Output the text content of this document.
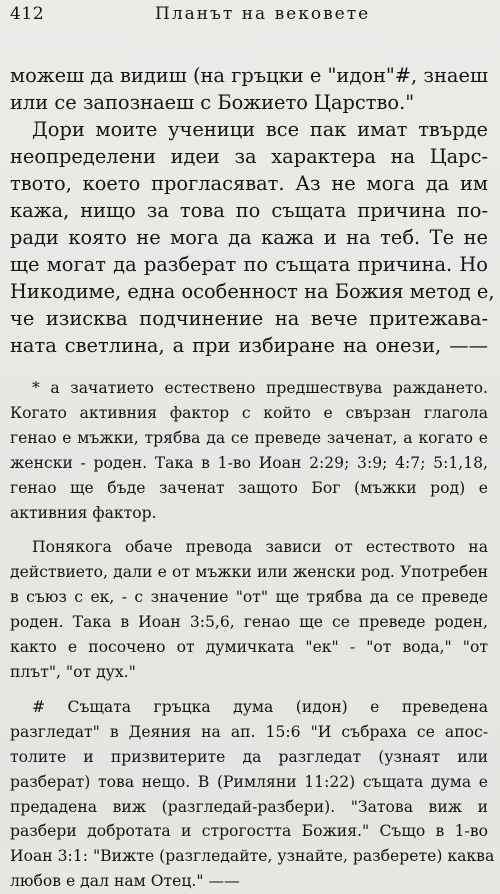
412	Планът на вековете
можеш да видиш (на гръцки е "идон"#, знаеш
или се запознаеш с Божието Царство."
Дори моите ученици все пак имат твърде
неопределени идеи за характера на Царс-
твото, което прогласяват. Аз не мога да им
кажа, нищо за това по същата причина по-
ради която не мога да кажа и на теб. Те не
ще могат да разберат по същата причина. Но
Никодиме, една особенност на Божия метод е,
че изисква подчинение на вече притежава-
ната светлина, а при избиране на онези, ——
* а зачатието естествено предшествува раждането.
Когато активния фактор с който е свързан глагола
генао е мъжки, трябва да се преведе заченат, а когато е
женски - роден. Така в 1-во Иоан 2:29; 3:9; 4:7; 5:1,18,
генао ще бъде заченат защото Бог (мъжки род) е
активния фактор.
Понякога обаче превода зависи от естеството на
действието, дали е от мъжки или женски род. Употребен
в съюз с ек, - с значение "от" ще трябва да се преведе
роден. Така в Иоан 3:5,6, генао ще се преведе роден,
както е посочено от думичката "ек" - "от вода," "от
плът", "от дух."
# Същата гръцка дума (идон) е преведена
разгледат" в Деяния на ап. 15:6 "И събраха се апос-
толите и призвитерите да разгледат (узнаят или
разберат) това нещо. В (Римляни 11:22) същата дума е
предадена виж (разгледай-разбери). "Затова виж и
разбери добротата и строгостта Божия." Също в 1-во
Иоан 3:1: "Вижте (разгледайте, узнайте, разберете) каква
любов е дал нам Отец." ——
